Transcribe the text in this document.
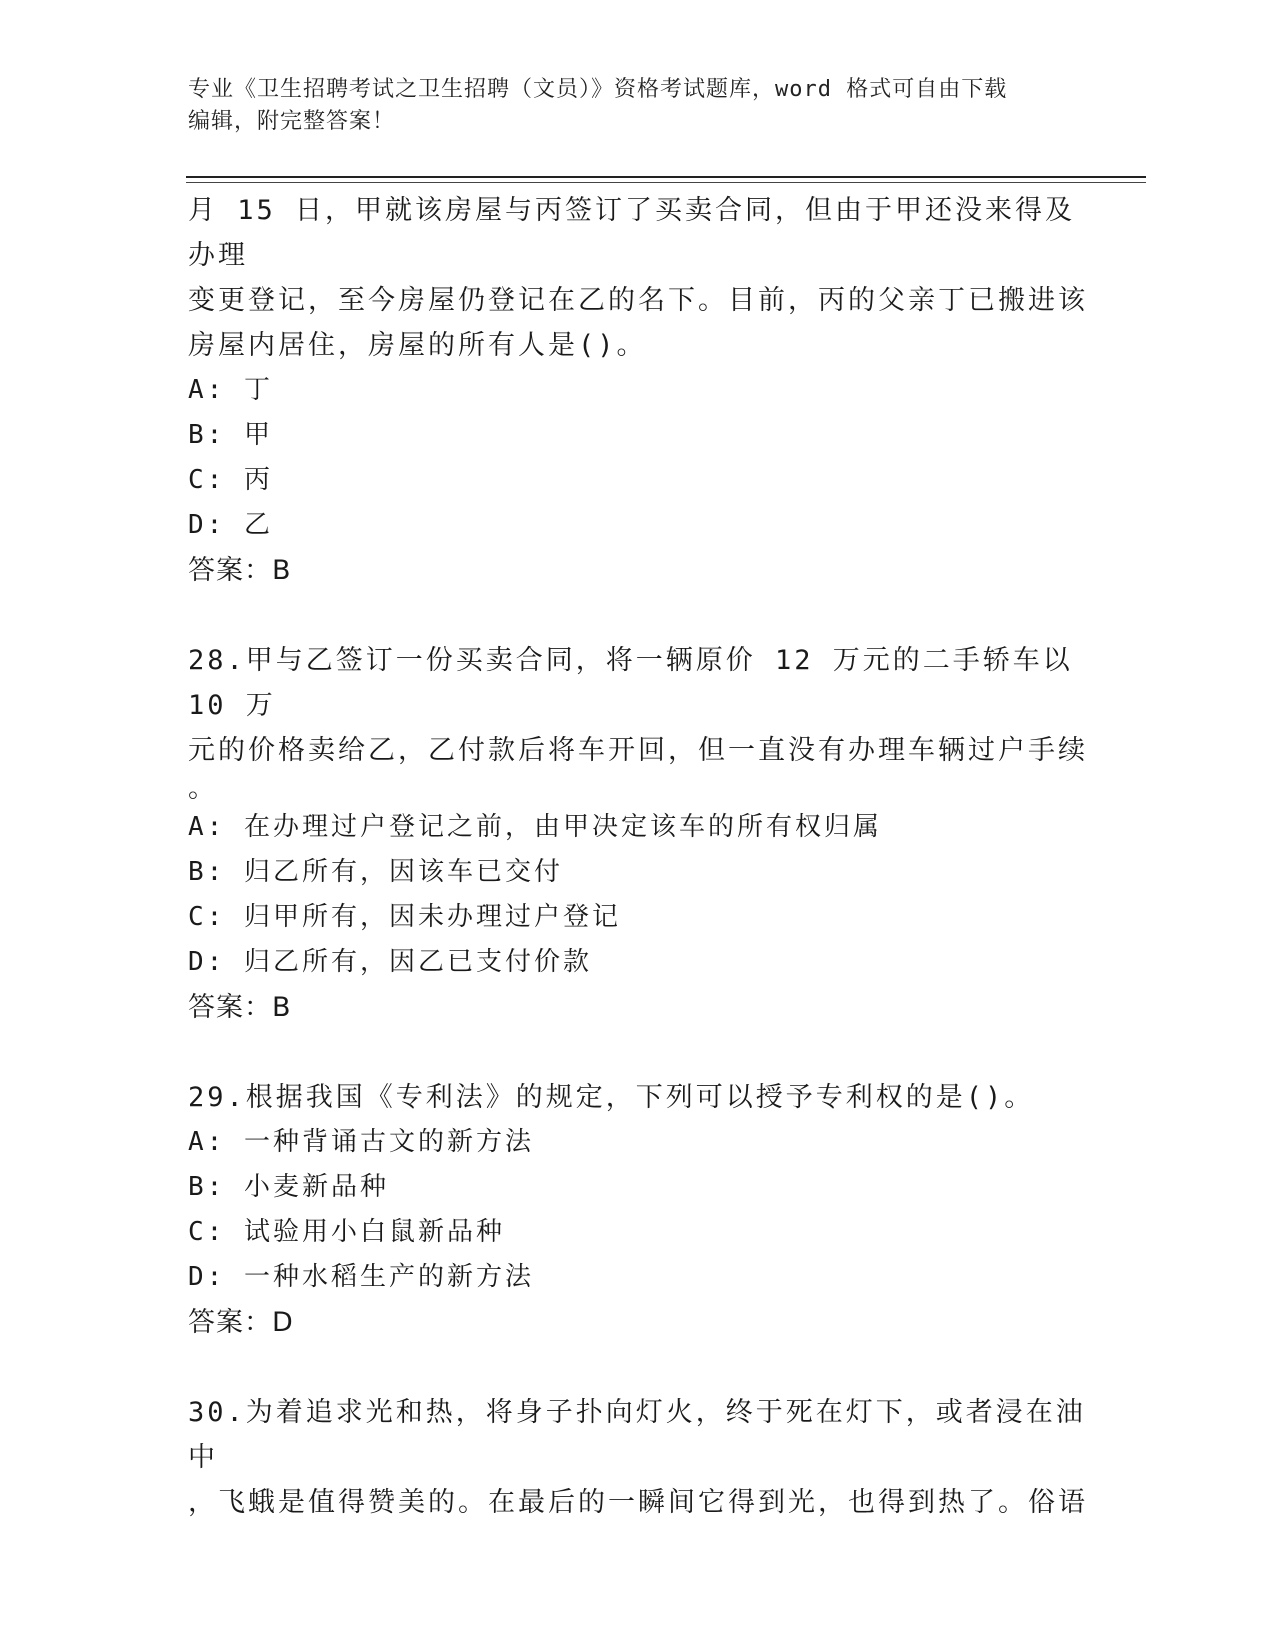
专业《卫生招聘考试之卫生招聘（文员）》资格考试题库，word 格式可自由下载
编辑，附完整答案！

月 15 日，甲就该房屋与丙签订了买卖合同，但由于甲还没来得及办理

变更登记，至今房屋仍登记在乙的名下。目前，丙的父亲丁已搬进该

房屋内居住，房屋的所有人是()。

A: 丁

B: 甲

C: 丙

D: 乙

答案：B

28.甲与乙签订一份买卖合同，将一辆原价 12 万元的二手轿车以 10 万

元的价格卖给乙，乙付款后将车开回，但一直没有办理车辆过户手续

。

A: 在办理过户登记之前，由甲决定该车的所有权归属

B: 归乙所有，因该车已交付

C: 归甲所有，因未办理过户登记

D: 归乙所有，因乙已支付价款

答案：B

29.根据我国《专利法》的规定，下列可以授予专利权的是()。

A: 一种背诵古文的新方法

B: 小麦新品种

C: 试验用小白鼠新品种

D: 一种水稻生产的新方法

答案：D

30.为着追求光和热，将身子扑向灯火，终于死在灯下，或者浸在油中

，飞蛾是值得赞美的。在最后的一瞬间它得到光，也得到热了。俗语
